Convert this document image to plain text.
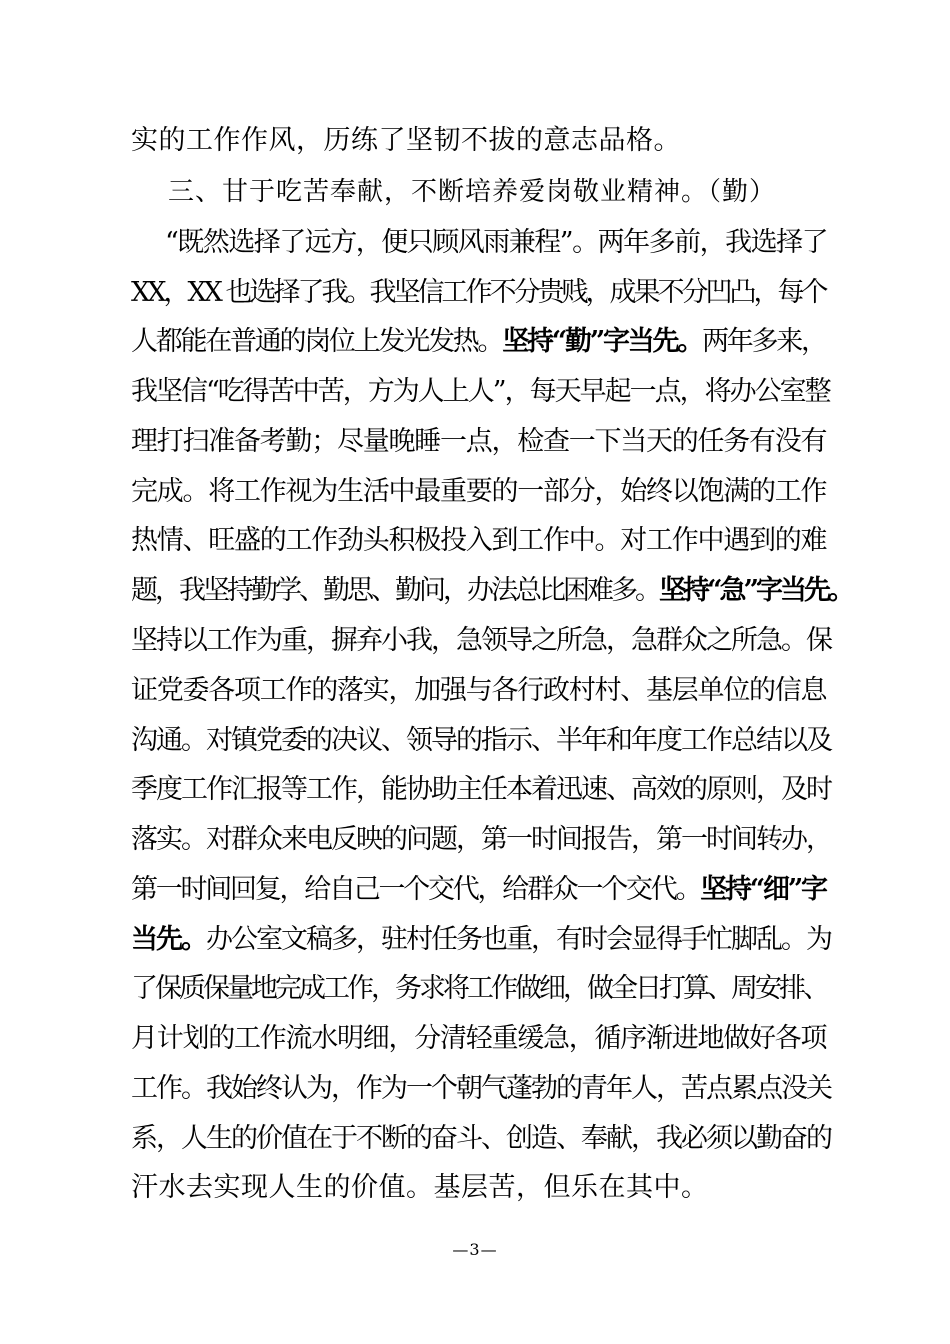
实的工作作风，历练了坚韧不拔的意志品格。
三、甘于吃苦奉献，不断培养爱岗敬业精神。（勤）
“既然选择了远方，便只顾风雨兼程”。两年多前，我选择了
XX，XX 也选择了我。我坚信工作不分贵贱，成果不分凹凸，每个
人都能在普通的岗位上发光发热。坚持“勤”字当先。两年多来，
我坚信“吃得苦中苦，方为人上人”，每天早起一点，将办公室整
理打扫准备考勤；尽量晚睡一点，检查一下当天的任务有没有
完成。将工作视为生活中最重要的一部分，始终以饱满的工作
热情、旺盛的工作劲头积极投入到工作中。对工作中遇到的难
题，我坚持勤学、勤思、勤问，办法总比困难多。坚持“急”字当先。
坚持以工作为重，摒弃小我，急领导之所急，急群众之所急。保
证党委各项工作的落实，加强与各行政村村、基层单位的信息
沟通。对镇党委的决议、领导的指示、半年和年度工作总结以及
季度工作汇报等工作，能协助主任本着迅速、高效的原则，及时
落实。对群众来电反映的问题，第一时间报告，第一时间转办，
第一时间回复，给自己一个交代，给群众一个交代。坚持“细”字
当先。办公室文稿多，驻村任务也重，有时会显得手忙脚乱。为
了保质保量地完成工作，务求将工作做细，做全日打算、周安排、
月计划的工作流水明细，分清轻重缓急，循序渐进地做好各项
工作。我始终认为，作为一个朝气蓬勃的青年人，苦点累点没关
系，人生的价值在于不断的奋斗、创造、奉献，我必须以勤奋的
汗水去实现人生的价值。基层苦，但乐在其中。
—3—
